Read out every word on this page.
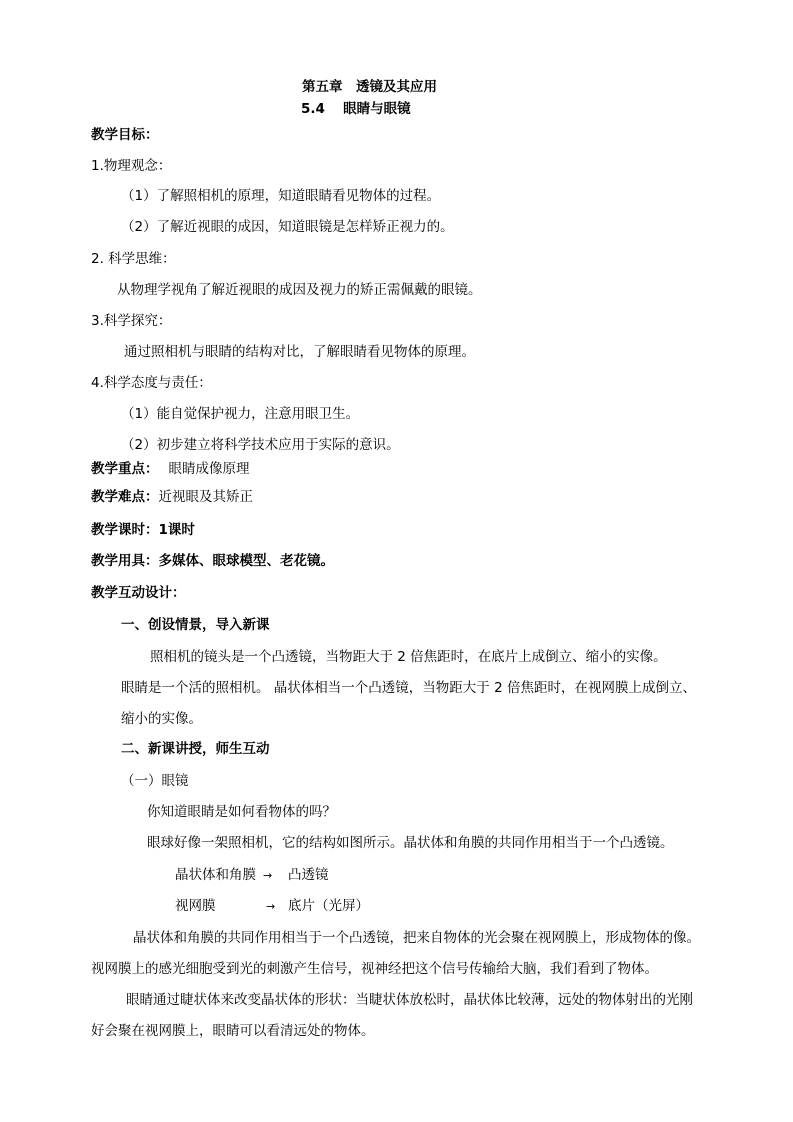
第五章　透镜及其应用
5.4　 眼睛与眼镜
教学目标：
1.物理观念：
（1）了解照相机的原理，知道眼睛看见物体的过程。
（2）了解近视眼的成因，知道眼镜是怎样矫正视力的。
2. 科学思维：
从物理学视角了解近视眼的成因及视力的矫正需佩戴的眼镜。
3.科学探究：
通过照相机与眼睛的结构对比，了解眼睛看见物体的原理。
4.科学态度与责任：
（1）能自觉保护视力，注意用眼卫生。
（2）初步建立将科学技术应用于实际的意识。
教学重点： 眼睛成像原理
教学难点：近视眼及其矫正
教学课时：1课时
教学用具：多媒体、眼球模型、老花镜。
教学互动设计：
一、创设情景，导入新课
照相机的镜头是一个凸透镜，当物距大于 2 倍焦距时，在底片上成倒立、缩小的实像。
眼睛是一个活的照相机。 晶状体相当一个凸透镜，当物距大于 2 倍焦距时，在视网膜上成倒立、
缩小的实像。
二、新课讲授，师生互动
（一）眼镜
你知道眼睛是如何看物体的吗？
眼球好像一架照相机，它的结构如图所示。晶状体和角膜的共同作用相当于一个凸透镜。
晶状体和角膜 → 凸透镜
视网膜	→ 底片（光屏）
晶状体和角膜的共同作用相当于一个凸透镜，把来自物体的光会聚在视网膜上，形成物体的像。
视网膜上的感光细胞受到光的刺激产生信号，视神经把这个信号传输给大脑，我们看到了物体。
眼睛通过睫状体来改变晶状体的形状：当睫状体放松时，晶状体比较薄，远处的物体射出的光刚
好会聚在视网膜上，眼睛可以看清远处的物体。
